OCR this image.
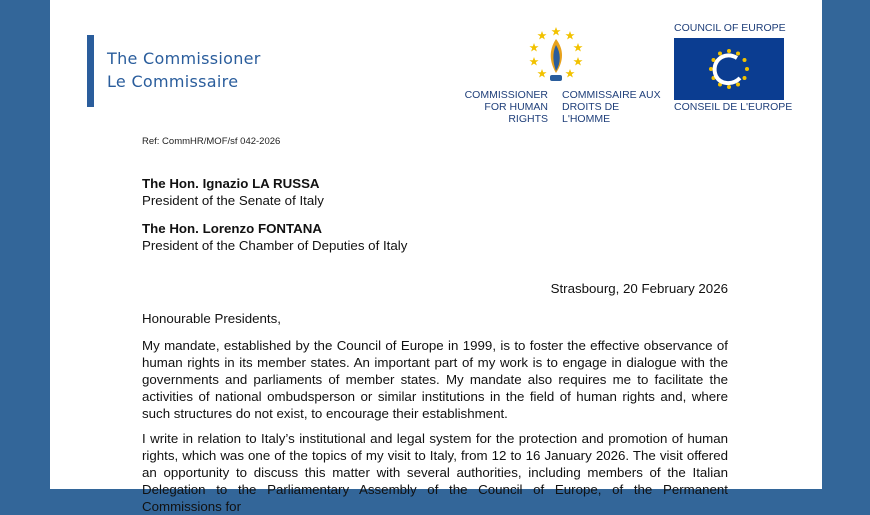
The Commissioner
Le Commissaire
COMMISSIONER
FOR HUMAN RIGHTS
COMMISSAIRE AUX
DROITS DE L'HOMME
COUNCIL OF EUROPE
CONSEIL DE L'EUROPE
Ref: CommHR/MOF/sf 042-2026
The Hon. Ignazio LA RUSSA
President of the Senate of Italy
The Hon. Lorenzo FONTANA
President of the Chamber of Deputies of Italy
Strasbourg, 20 February 2026
Honourable Presidents,

My mandate, established by the Council of Europe in 1999, is to foster the effective observance of human rights in its member states. An important part of my work is to engage in dialogue with the governments and parliaments of member states. My mandate also requires me to facilitate the activities of national ombudsperson or similar institutions in the field of human rights and, where such structures do not exist, to encourage their establishment.

I write in relation to Italy’s institutional and legal system for the protection and promotion of human rights, which was one of the topics of my visit to Italy, from 12 to 16 January 2026. The visit offered an opportunity to discuss this matter with several authorities, including members of the Italian Delegation to the Parliamentary Assembly of the Council of Europe, of the Permanent Commissions for
